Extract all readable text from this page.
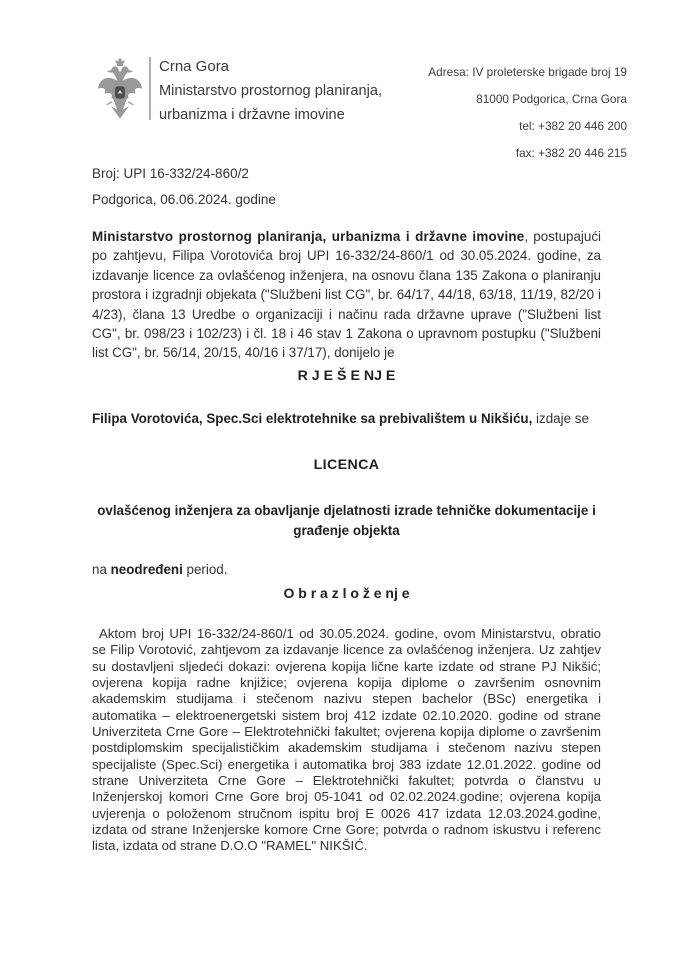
Crna Gora
Ministarstvo prostornog planiranja,
urbanizma i državne imovine
Adresa: IV proleterske brigade broj 19
81000 Podgorica, Crna Gora
tel: +382 20 446 200
fax: +382 20 446 215
Broj: UPI 16-332/24-860/2
Podgorica, 06.06.2024. godine
Ministarstvo prostornog planiranja, urbanizma i državne imovine, postupajući po zahtjevu, Filipa Vorotovića broj UPI 16-332/24-860/1 od 30.05.2024. godine, za izdavanje licence za ovlašćenog inženjera, na osnovu člana 135 Zakona o planiranju prostora i izgradnji objekata ("Službeni list CG", br. 64/17, 44/18, 63/18, 11/19, 82/20 i 4/23), člana 13 Uredbe o organizaciji i načinu rada državne uprave ("Službeni list CG", br. 098/23 i 102/23) i čl. 18 i 46 stav 1 Zakona o upravnom postupku ("Službeni list CG", br. 56/14, 20/15, 40/16 i 37/17), donijelo je
R J E Š E NJ E
Filipa Vorotovića, Spec.Sci elektrotehnike sa prebivalištem u Nikšiću, izdaje se
LICENCA
ovlašćenog inženjera za obavljanje djelatnosti izrade tehničke dokumentacije i
građenje objekta
na neodređeni period.
O b r a z l o ž e nj e
Aktom broj UPI 16-332/24-860/1 od 30.05.2024. godine, ovom Ministarstvu, obratio se Filip Vorotović, zahtjevom za izdavanje licence za ovlašćenog inženjera. Uz zahtjev su dostavljeni sljedeći dokazi: ovjerena kopija lične karte izdate od strane PJ Nikšić; ovjerena kopija radne knjižice; ovjerena kopija diplome o završenim osnovnim akademskim studijama i stečenom nazivu stepen bachelor (BSc) energetika i automatika – elektroenergetski sistem broj 412 izdate 02.10.2020. godine od strane Univerziteta Crne Gore – Elektrotehnički fakultet; ovjerena kopija diplome o završenim postdiplomskim specijalističkim akademskim studijama i stečenom nazivu stepen specijaliste (Spec.Sci) energetika i automatika broj 383 izdate 12.01.2022. godine od strane Univerziteta Crne Gore – Elektrotehnički fakultet; potvrda o članstvu u Inženjerskoj komori Crne Gore broj 05-1041 od 02.02.2024.godine; ovjerena kopija uvjerenja o položenom stručnom ispitu broj E 0026 417 izdata 12.03.2024.godine, izdata od strane Inženjerske komore Crne Gore; potvrda o radnom iskustvu i referenc lista, izdata od strane D.O.O "RAMEL" NIKŠIĆ.
